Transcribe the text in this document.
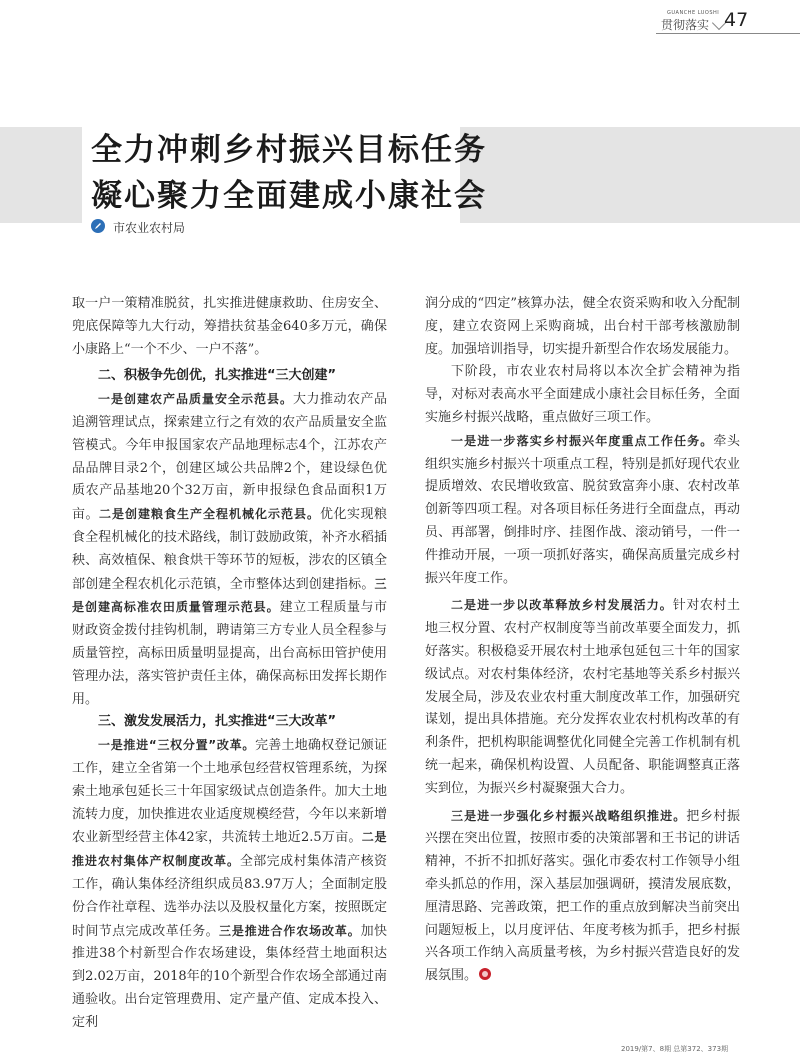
GUANCHE LUOSHI
贯彻落实 47
全力冲刺乡村振兴目标任务
凝心聚力全面建成小康社会
市农业农村局

取一户一策精准脱贫，扎实推进健康救助、住房安全、兜底保障等九大行动，筹措扶贫基金640多万元，确保小康路上“一个不少、一户不落”。

二、积极争先创优，扎实推进“三大创建”

一是创建农产品质量安全示范县。大力推动农产品追溯管理试点，探索建立行之有效的农产品质量安全监管模式。今年申报国家农产品地理标志4个，江苏农产品品牌目录2个，创建区域公共品牌2个，建设绿色优质农产品基地20个32万亩，新申报绿色食品面积1万亩。二是创建粮食生产全程机械化示范县。优化实现粮食全程机械化的技术路线，制订鼓励政策，补齐水稻插秧、高效植保、粮食烘干等环节的短板，涉农的区镇全部创建全程农机化示范镇，全市整体达到创建指标。三是创建高标准农田质量管理示范县。建立工程质量与市财政资金拨付挂钩机制，聘请第三方专业人员全程参与质量管控，高标田质量明显提高，出台高标田管护使用管理办法，落实管护责任主体，确保高标田发挥长期作用。

三、激发发展活力，扎实推进“三大改革”

一是推进“三权分置”改革。完善土地确权登记颁证工作，建立全省第一个土地承包经营权管理系统，为探索土地承包延长三十年国家级试点创造条件。加大土地流转力度，加快推进农业适度规模经营，今年以来新增农业新型经营主体42家，共流转土地近2.5万亩。二是推进农村集体产权制度改革。全部完成村集体清产核资工作，确认集体经济组织成员83.97万人；全面制定股份合作社章程、选举办法以及股权量化方案，按照既定时间节点完成改革任务。三是推进合作农场改革。加快推进38个村新型合作农场建设，集体经营土地面积达到2.02万亩，2018年的10个新型合作农场全部通过南通验收。出台定管理费用、定产量产值、定成本投入、定利

润分成的“四定”核算办法，健全农资采购和收入分配制度，建立农资网上采购商城，出台村干部考核激励制度。加强培训指导，切实提升新型合作农场发展能力。

下阶段，市农业农村局将以本次全扩会精神为指导，对标对表高水平全面建成小康社会目标任务，全面实施乡村振兴战略，重点做好三项工作。

一是进一步落实乡村振兴年度重点工作任务。牵头组织实施乡村振兴十项重点工程，特别是抓好现代农业提质增效、农民增收致富、脱贫致富奔小康、农村改革创新等四项工程。对各项目标任务进行全面盘点，再动员、再部署，倒排时序、挂图作战、滚动销号，一件一件推动开展，一项一项抓好落实，确保高质量完成乡村振兴年度工作。

二是进一步以改革释放乡村发展活力。针对农村土地三权分置、农村产权制度等当前改革要全面发力，抓好落实。积极稳妥开展农村土地承包延包三十年的国家级试点。对农村集体经济，农村宅基地等关系乡村振兴发展全局，涉及农业农村重大制度改革工作，加强研究谋划，提出具体措施。充分发挥农业农村机构改革的有利条件，把机构职能调整优化同健全完善工作机制有机统一起来，确保机构设置、人员配备、职能调整真正落实到位，为振兴乡村凝聚强大合力。

三是进一步强化乡村振兴战略组织推进。把乡村振兴摆在突出位置，按照市委的决策部署和王书记的讲话精神，不折不扣抓好落实。强化市委农村工作领导小组牵头抓总的作用，深入基层加强调研，摸清发展底数，厘清思路、完善政策，把工作的重点放到解决当前突出问题短板上，以月度评估、年度考核为抓手，把乡村振兴各项工作纳入高质量考核，为乡村振兴营造良好的发展氛围。

2019/第7、8期 总第372、373期
